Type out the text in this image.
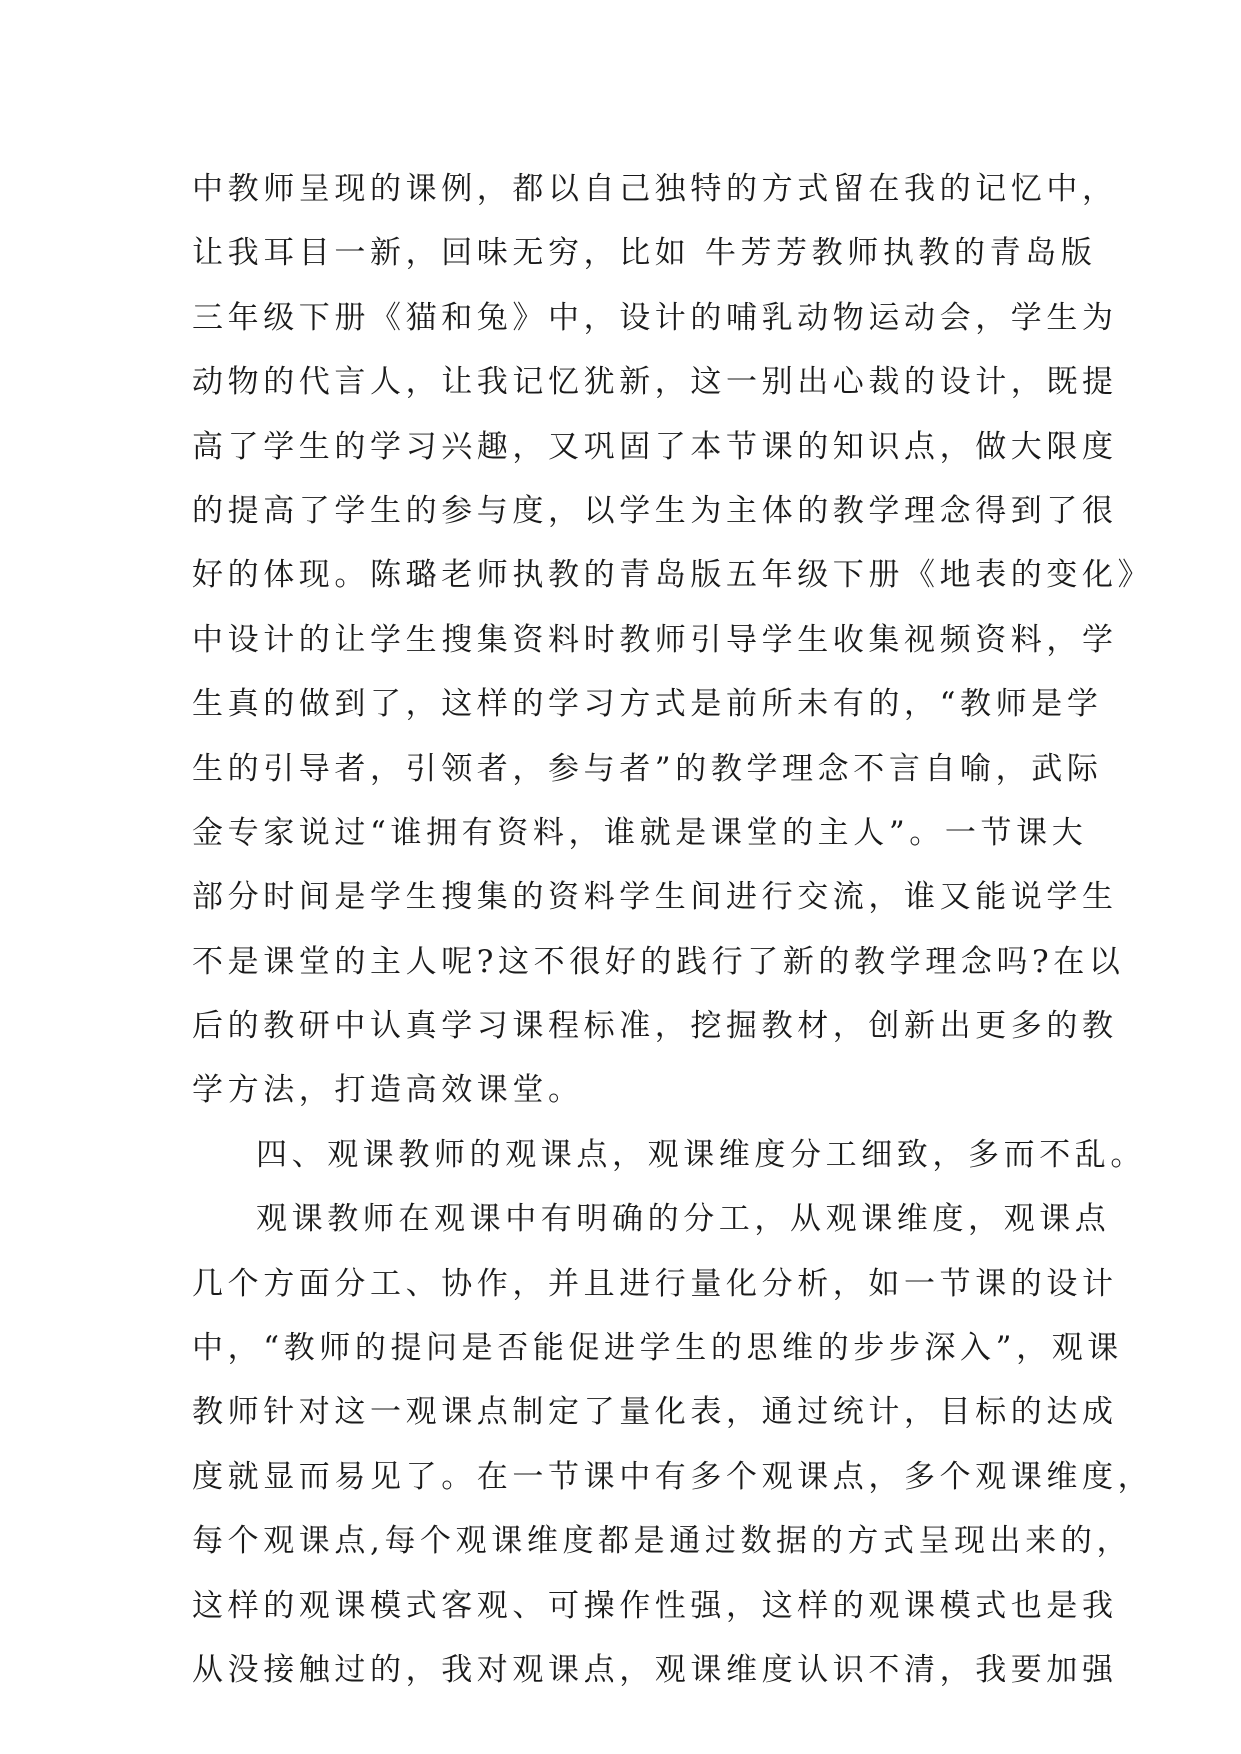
中教师呈现的课例，都以自己独特的方式留在我的记忆中，
让我耳目一新，回味无穷，比如 牛芳芳教师执教的青岛版
三年级下册《猫和兔》中，设计的哺乳动物运动会，学生为
动物的代言人，让我记忆犹新，这一别出心裁的设计，既提
高了学生的学习兴趣，又巩固了本节课的知识点，做大限度
的提高了学生的参与度，以学生为主体的教学理念得到了很
好的体现。陈璐老师执教的青岛版五年级下册《地表的变化》
中设计的让学生搜集资料时教师引导学生收集视频资料，学
生真的做到了，这样的学习方式是前所未有的，“教师是学
生的引导者，引领者，参与者”的教学理念不言自喻，武际
金专家说过“谁拥有资料，谁就是课堂的主人”。一节课大
部分时间是学生搜集的资料学生间进行交流，谁又能说学生
不是课堂的主人呢?这不很好的践行了新的教学理念吗?在以
后的教研中认真学习课程标准，挖掘教材，创新出更多的教
学方法，打造高效课堂。
四、观课教师的观课点，观课维度分工细致，多而不乱。
观课教师在观课中有明确的分工，从观课维度，观课点
几个方面分工、协作，并且进行量化分析，如一节课的设计
中，“教师的提问是否能促进学生的思维的步步深入”，观课
教师针对这一观课点制定了量化表，通过统计，目标的达成
度就显而易见了。在一节课中有多个观课点，多个观课维度，
每个观课点,每个观课维度都是通过数据的方式呈现出来的，
这样的观课模式客观、可操作性强，这样的观课模式也是我
从没接触过的，我对观课点，观课维度认识不清，我要加强
